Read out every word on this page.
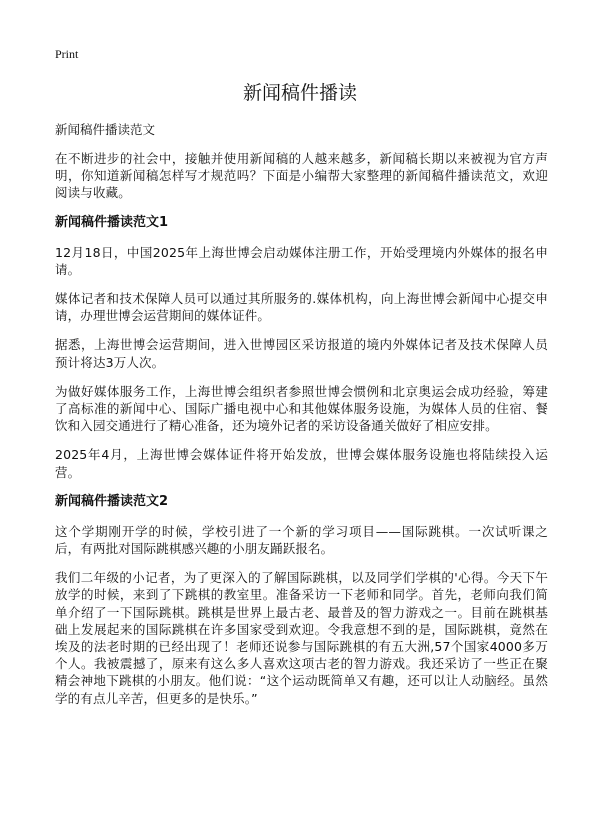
Print
新闻稿件播读
新闻稿件播读范文

在不断进步的社会中，接触并使用新闻稿的人越来越多，新闻稿长期以来被视为官方声明，你知道新闻稿怎样写才规范吗？下面是小编帮大家整理的新闻稿件播读范文，欢迎阅读与收藏。

新闻稿件播读范文1

12月18日，中国2025年上海世博会启动媒体注册工作，开始受理境内外媒体的报名申请。

媒体记者和技术保障人员可以通过其所服务的.媒体机构，向上海世博会新闻中心提交申请，办理世博会运营期间的媒体证件。

据悉，上海世博会运营期间，进入世博园区采访报道的境内外媒体记者及技术保障人员预计将达3万人次。

为做好媒体服务工作，上海世博会组织者参照世博会惯例和北京奥运会成功经验，筹建了高标准的新闻中心、国际广播电视中心和其他媒体服务设施，为媒体人员的住宿、餐饮和入园交通进行了精心准备，还为境外记者的采访设备通关做好了相应安排。

2025年4月，上海世博会媒体证件将开始发放，世博会媒体服务设施也将陆续投入运营。

新闻稿件播读范文2

这个学期刚开学的时候，学校引进了一个新的学习项目——国际跳棋。一次试听课之后，有两批对国际跳棋感兴趣的小朋友踊跃报名。

我们二年级的小记者，为了更深入的了解国际跳棋，以及同学们学棋的'心得。今天下午放学的时候，来到了下跳棋的教室里。准备采访一下老师和同学。首先，老师向我们简单介绍了一下国际跳棋。跳棋是世界上最古老、最普及的智力游戏之一。目前在跳棋基础上发展起来的国际跳棋在许多国家受到欢迎。令我意想不到的是，国际跳棋，竟然在埃及的法老时期的已经出现了！老师还说参与国际跳棋的有五大洲,57个国家4000多万个人。我被震撼了，原来有这么多人喜欢这项古老的智力游戏。我还采访了一些正在聚精会神地下跳棋的小朋友。他们说：“这个运动既简单又有趣，还可以让人动脑经。虽然学的有点儿辛苦，但更多的是快乐。”
